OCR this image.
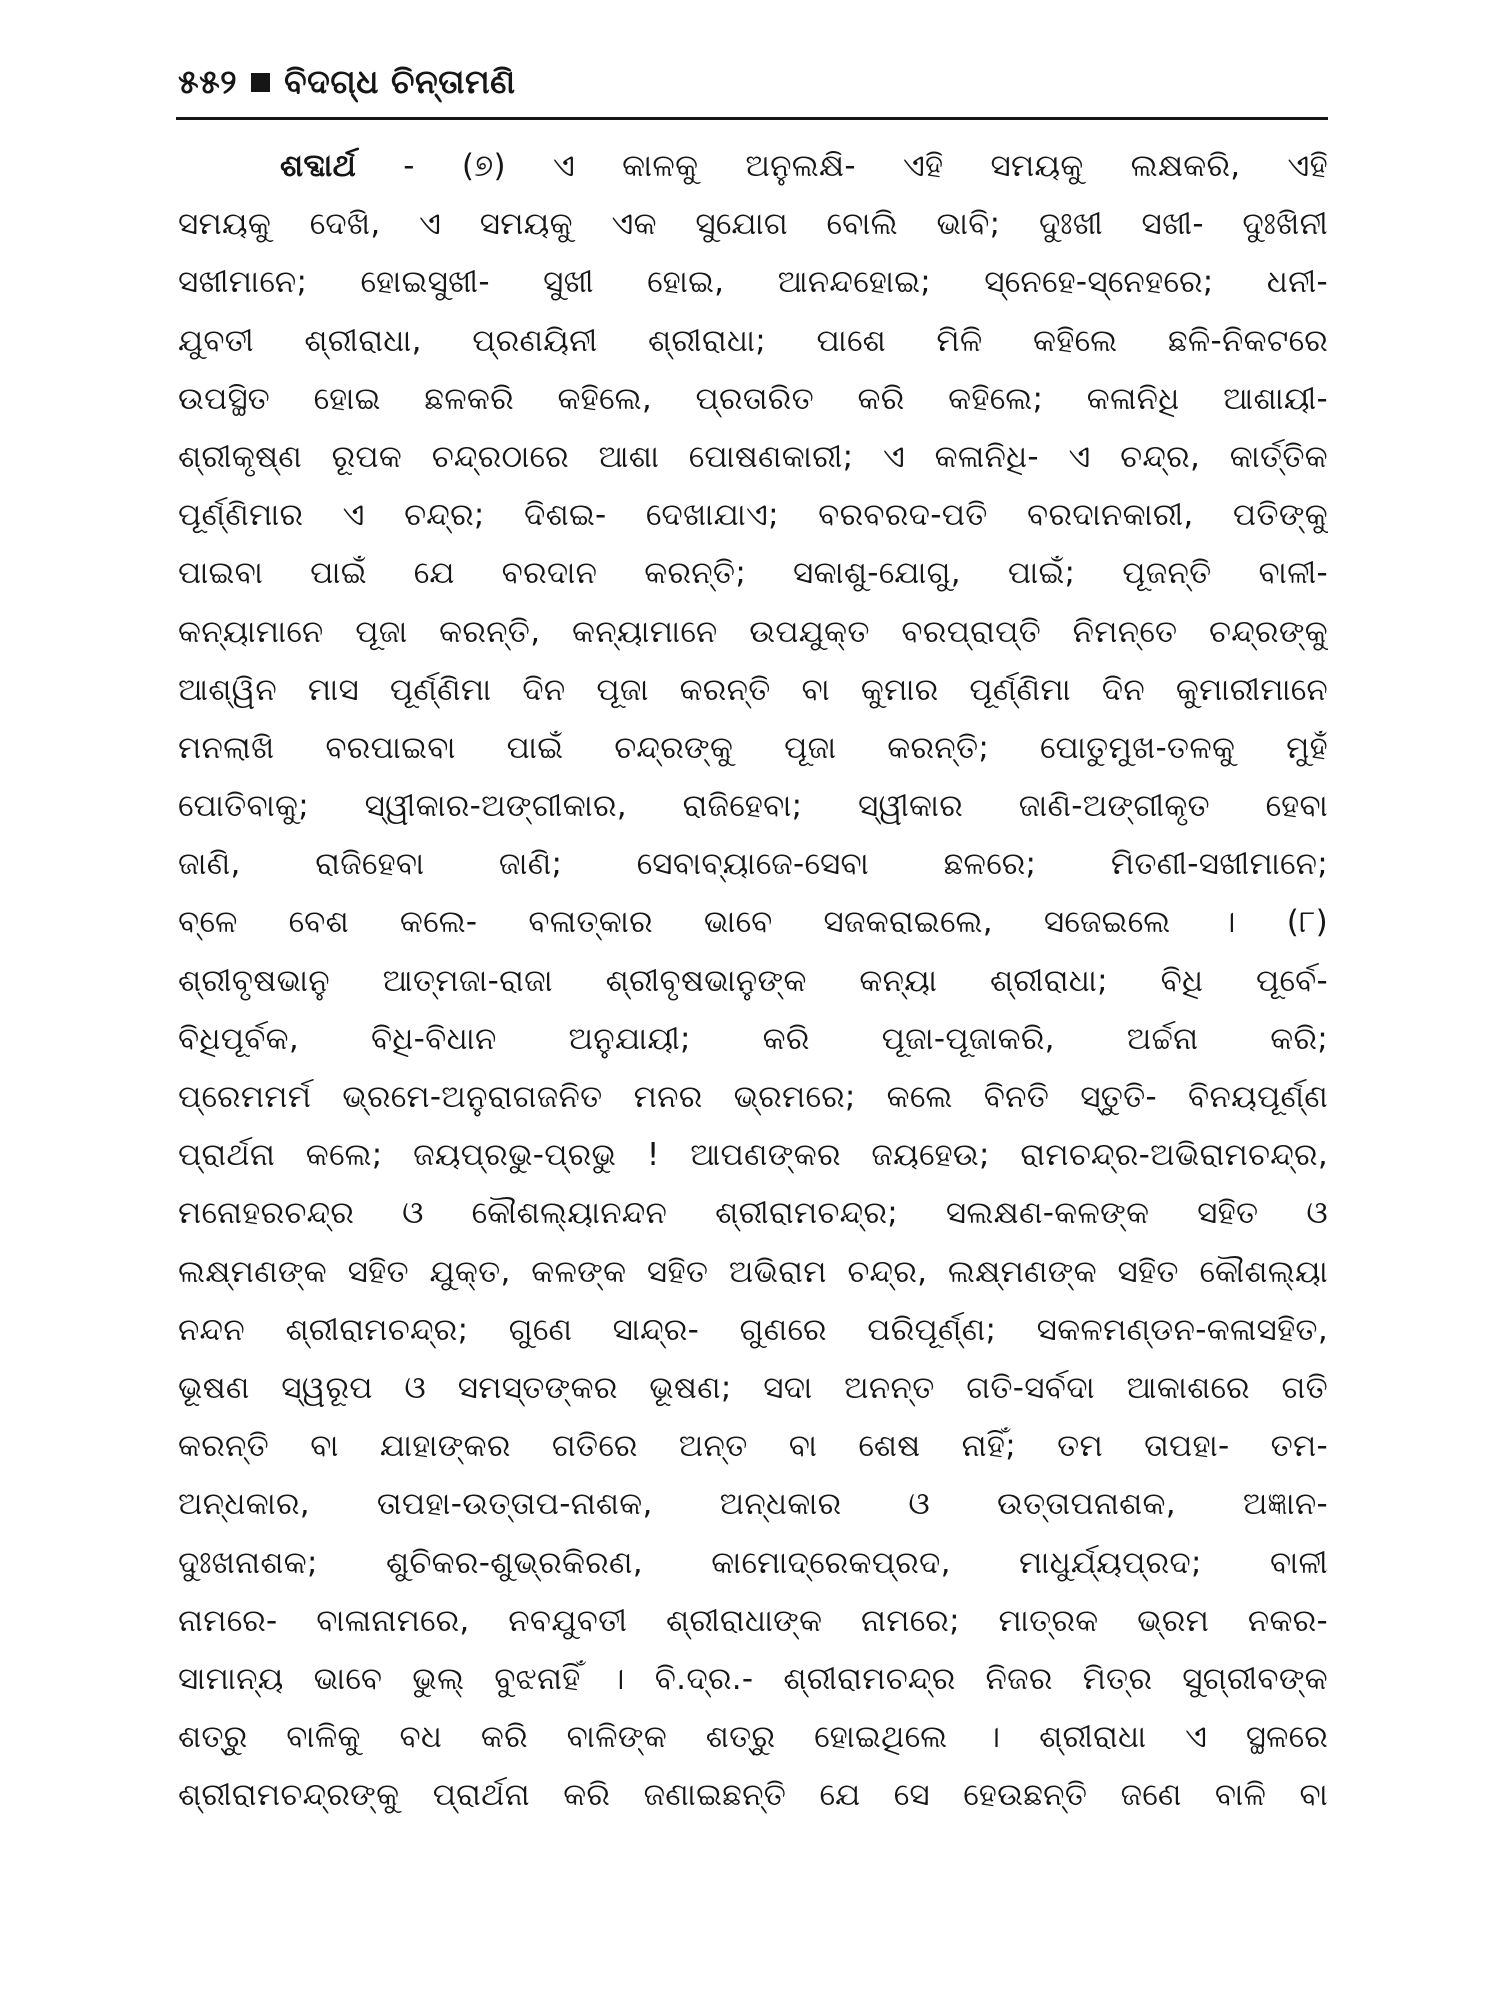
୫୫୨ ବିଦଗ୍ଧ ଚିନ୍ତାମଣି
ଶବ୍ଦାର୍ଥ - (୭) ଏ କାଳକୁ ଅନୁଲକ୍ଷି- ଏହି ସମୟକୁ ଲକ୍ଷକରି, ଏହି
ସମୟକୁ ଦେଖି, ଏ ସମୟକୁ ଏକ ସୁଯୋଗ ବୋଲି ଭାବି; ଦୁଃଖୀ ସଖୀ- ଦୁଃଖିନୀ
ସଖୀମାନେ; ହୋଇସୁଖୀ- ସୁଖୀ ହୋଇ, ଆନନ୍ଦହୋଇ; ସ୍ନେହେ-ସ୍ନେହରେ; ଧନୀ-
ଯୁବତୀ ଶ୍ରୀରାଧା, ପ୍ରଣୟିନୀ ଶ୍ରୀରାଧା; ପାଶେ ମିଳି କହିଲେ ଛଳି-ନିକଟରେ
ଉପସ୍ଥିତ ହୋଇ ଛଳକରି କହିଲେ, ପ୍ରତାରିତ କରି କହିଲେ; କଳାନିଧି ଆଶାୟୀ-
ଶ୍ରୀକୃଷ୍ଣ ରୂପକ ଚନ୍ଦ୍ରଠାରେ ଆଶା ପୋଷଣକାରୀ; ଏ କଳାନିଧି- ଏ ଚନ୍ଦ୍ର, କାର୍ତ୍ତିକ
ପୂର୍ଣ୍ଣିମାର ଏ ଚନ୍ଦ୍ର; ଦିଶଇ- ଦେଖାଯାଏ; ବରବରଦ-ପତି ବରଦାନକାରୀ, ପତିଙ୍କୁ
ପାଇବା ପାଇଁ ଯେ ବରଦାନ କରନ୍ତି; ସକାଶୁ-ଯୋଗୁ, ପାଇଁ; ପୂଜନ୍ତି ବାଳୀ-
କନ୍ୟାମାନେ ପୂଜା କରନ୍ତି, କନ୍ୟାମାନେ ଉପଯୁକ୍ତ ବରପ୍ରାପ୍ତି ନିମନ୍ତେ ଚନ୍ଦ୍ରଙ୍କୁ
ଆଶ୍ୱିନ ମାସ ପୂର୍ଣ୍ଣିମା ଦିନ ପୂଜା କରନ୍ତି ବା କୁମାର ପୂର୍ଣ୍ଣିମା ଦିନ କୁମାରୀମାନେ
ମନଲାଖି ବରପାଇବା ପାଇଁ ଚନ୍ଦ୍ରଙ୍କୁ ପୂଜା କରନ୍ତି; ପୋତୁମୁଖ-ତଳକୁ ମୁହଁ
ପୋତିବାକୁ; ସ୍ୱୀକାର-ଅଙ୍ଗୀକାର, ରାଜିହେବା; ସ୍ୱୀକାର ଜାଣି-ଅଙ୍ଗୀକୃତ ହେବା
ଜାଣି, ରାଜିହେବା ଜାଣି; ସେବାବ୍ୟାଜେ-ସେବା ଛଳରେ; ମିତଣୀ-ସଖୀମାନେ;
ବ୍ଳେ ବେଶ କଲେ- ବଳାତ୍କାର ଭାବେ ସଜକରାଇଲେ, ସଜେଇଲେ । (୮)
ଶ୍ରୀବୃଷଭାନୁ ଆତ୍ମଜା-ରାଜା ଶ୍ରୀବୃଷଭାନୁଙ୍କ କନ୍ୟା ଶ୍ରୀରାଧା; ବିଧି ପୂର୍ବେ-
ବିଧିପୂର୍ବକ, ବିଧି-ବିଧାନ ଅନୁଯାୟୀ; କରି ପୂଜା-ପୂଜାକରି, ଅର୍ଚ୍ଚନା କରି;
ପ୍ରେମମର୍ମ ଭ୍ରମେ-ଅନୁରାଗଜନିତ ମନର ଭ୍ରମରେ; କଲେ ବିନତି ସ୍ତୁତି- ବିନୟପୂର୍ଣ୍ଣ
ପ୍ରାର୍ଥନା କଲେ; ଜୟପ୍ରଭୁ-ପ୍ରଭୁ ! ଆପଣଙ୍କର ଜୟହେଉ; ରାମଚନ୍ଦ୍ର-ଅଭିରାମଚନ୍ଦ୍ର,
ମନୋହରଚନ୍ଦ୍ର ଓ କୌଶଲ୍ୟାନନ୍ଦନ ଶ୍ରୀରାମଚନ୍ଦ୍ର; ସଲକ୍ଷଣ-କଳଙ୍କ ସହିତ ଓ
ଲକ୍ଷ୍ମଣଙ୍କ ସହିତ ଯୁକ୍ତ, କଳଙ୍କ ସହିତ ଅଭିରାମ ଚନ୍ଦ୍ର, ଲକ୍ଷ୍ମଣଙ୍କ ସହିତ କୌଶଲ୍ୟା
ନନ୍ଦନ ଶ୍ରୀରାମଚନ୍ଦ୍ର; ଗୁଣେ ସାନ୍ଦ୍ର- ଗୁଣରେ ପରିପୂର୍ଣ୍ଣ; ସକଳମଣ୍ଡନ-କଳାସହିତ,
ଭୂଷଣ ସ୍ୱରୂପ ଓ ସମସ୍ତଙ୍କର ଭୂଷଣ; ସଦା ଅନନ୍ତ ଗତି-ସର୍ବଦା ଆକାଶରେ ଗତି
କରନ୍ତି ବା ଯାହାଙ୍କର ଗତିରେ ଅନ୍ତ ବା ଶେଷ ନାହିଁ; ତମ ତାପହା- ତମ-
ଅନ୍ଧକାର, ତାପହା-ଉତ୍ତାପ-ନାଶକ, ଅନ୍ଧକାର ଓ ଉତ୍ତାପନାଶକ, ଅଜ୍ଞାନ-
ଦୁଃଖନାଶକ; ଶୁଚିକର-ଶୁଭ୍ରକିରଣ, କାମୋଦ୍ରେକପ୍ରଦ, ମାଧୁର୍ଯ୍ୟପ୍ରଦ; ବାଳୀ
ନାମରେ- ବାଳାନାମରେ, ନବଯୁବତୀ ଶ୍ରୀରାଧାଙ୍କ ନାମରେ; ମାତ୍ରକ ଭ୍ରମ ନକର-
ସାମାନ୍ୟ ଭାବେ ଭୁଲ୍ ବୁଝନାହିଁ । ବି.ଦ୍ର.- ଶ୍ରୀରାମଚନ୍ଦ୍ର ନିଜର ମିତ୍ର ସୁଗ୍ରୀବଙ୍କ
ଶତ୍ରୁ ବାଳିକୁ ବଧ କରି ବାଳିଙ୍କ ଶତ୍ରୁ ହୋଇଥିଲେ । ଶ୍ରୀରାଧା ଏ ସ୍ଥଳରେ
ଶ୍ରୀରାମଚନ୍ଦ୍ରଙ୍କୁ ପ୍ରାର୍ଥନା କରି ଜଣାଇଛନ୍ତି ଯେ ସେ ହେଉଛନ୍ତି ଜଣେ ବାଳି ବା
